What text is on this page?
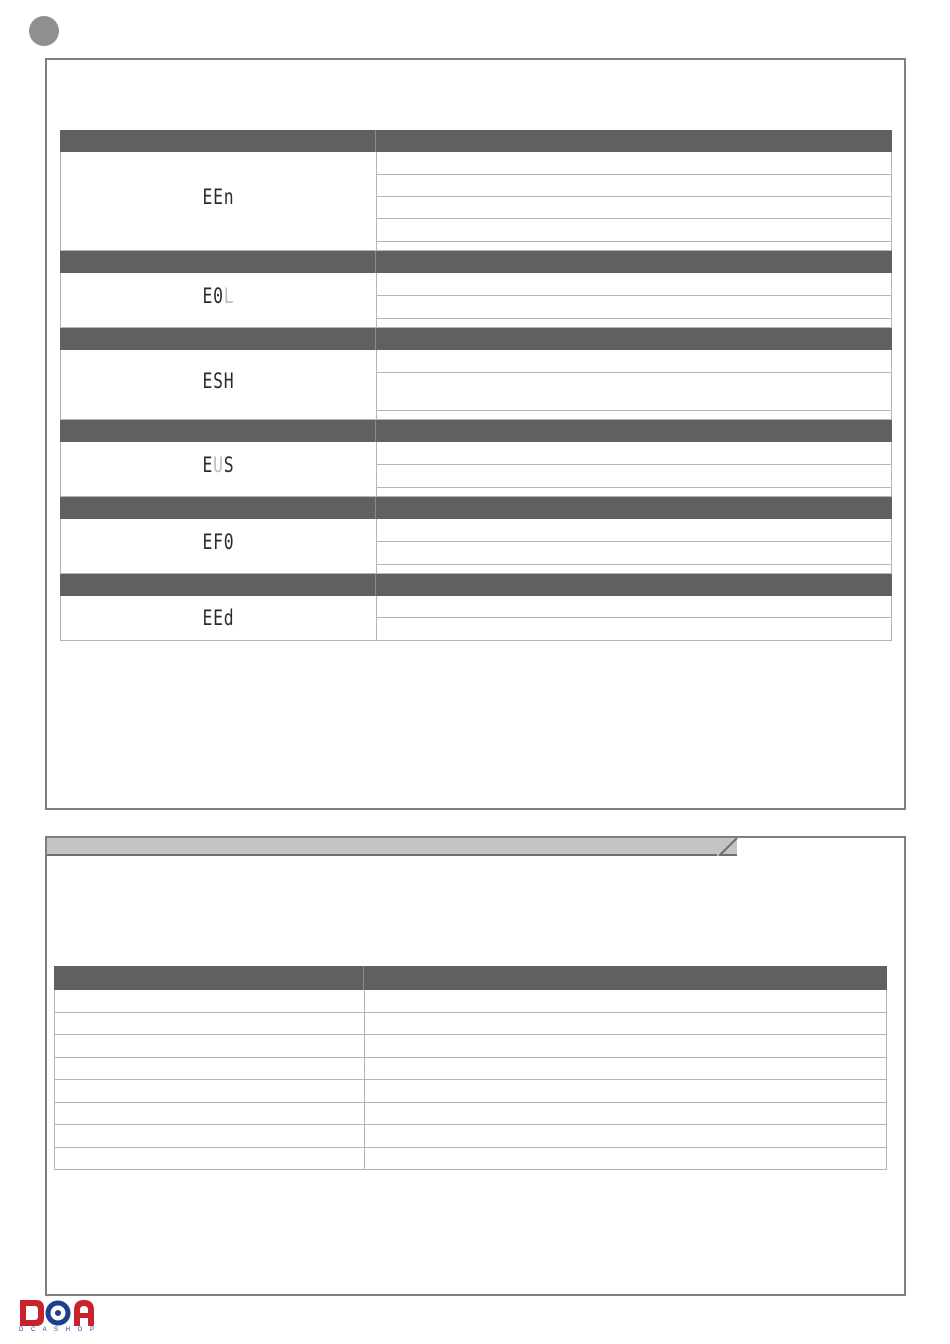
EEn
E0L
ESH
EUS
EF0
EEd
D C A S H O P
